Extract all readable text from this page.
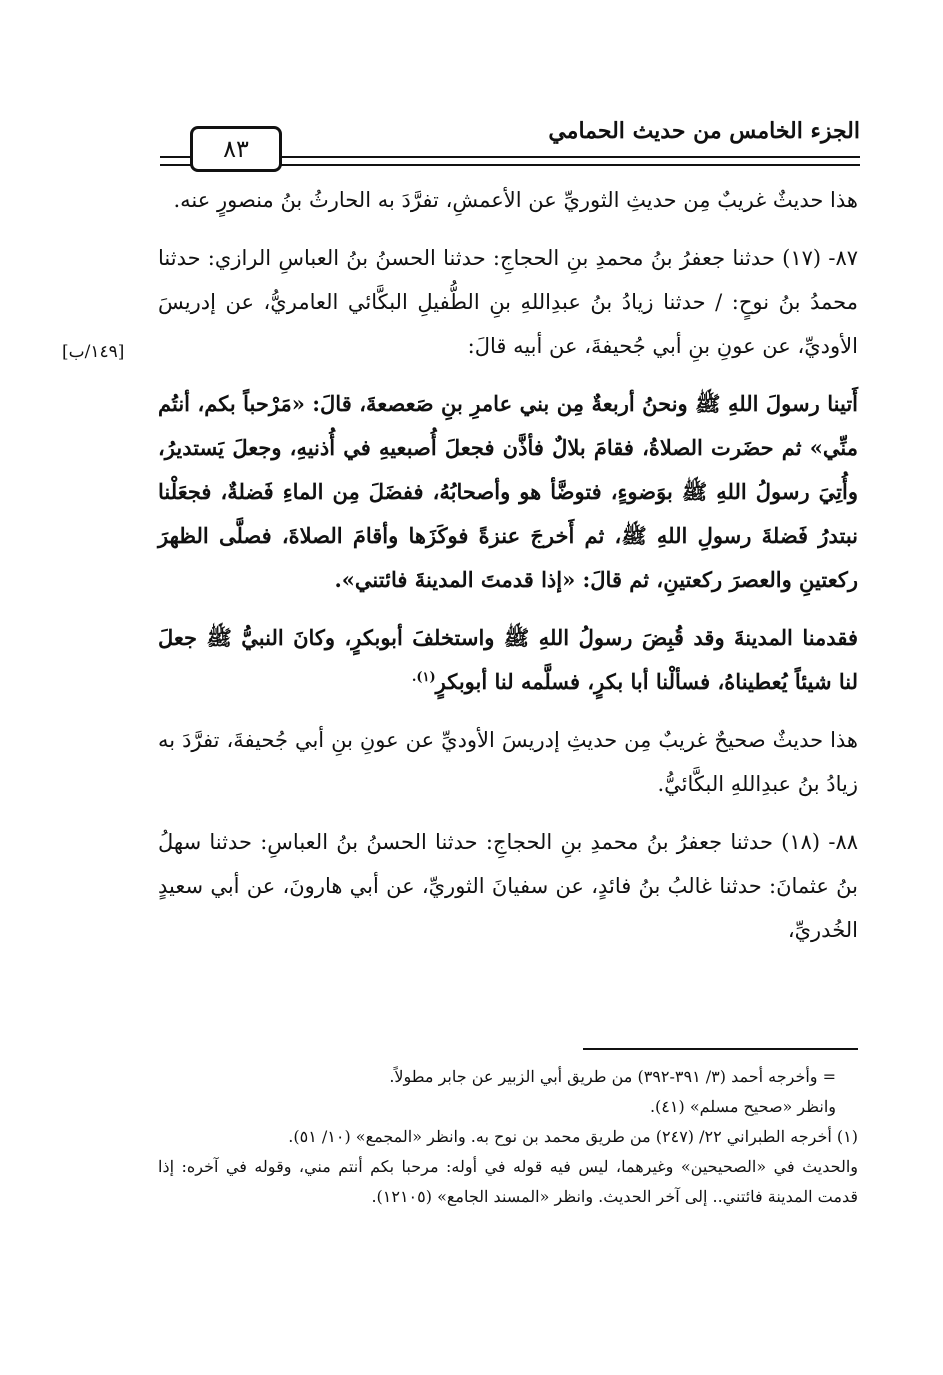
الجزء الخامس من حديث الحمامي
٨٣
[١٤٩/ب]

هذا حديثٌ غريبٌ مِن حديثِ الثوريِّ عن الأعمشِ، تفرَّدَ به الحارثُ بنُ منصورٍ عنه.

٨٧- (١٧) حدثنا جعفرُ بنُ محمدِ بنِ الحجاجِ: حدثنا الحسنُ بنُ العباسِ الرازي: حدثنا محمدُ بنُ نوحٍ: / حدثنا زيادُ بنُ عبدِاللهِ بنِ الطُّفيلِ البكَّائي العامريُّ، عن إدريسَ الأوديِّ، عن عونِ بنِ أبي جُحيفةَ، عن أبيه قالَ:

أَتينا رسولَ اللهِ ﷺ ونحنُ أربعةٌ مِن بني عامرِ بنِ صَعصعةَ، قالَ: «مَرْحباً بكم، أنتُم منِّي» ثم حضَرت الصلاةُ، فقامَ بلالٌ فأذَّن فجعلَ أُصبعيهِ في أُذنيهِ، وجعلَ يَستديرُ، وأُتِيَ رسولُ اللهِ ﷺ بوَضوءٍ، فتوضَّأ هو وأصحابُهُ، ففضَلَ مِن الماءِ فَضلةٌ، فجعَلْنا نبتدرُ فَضلةَ رسولِ اللهِ ﷺ، ثم أَخرجَ عنزةً فوكَزَها وأقامَ الصلاةَ، فصلَّى الظهرَ ركعتينِ والعصرَ ركعتينِ، ثم قالَ: «إذا قدمتَ المدينةَ فائتني».

فقدمنا المدينةَ وقد قُبِضَ رسولُ اللهِ ﷺ واستخلفَ أبوبكرٍ، وكانَ النبيُّ ﷺ جعلَ لنا شيئاً يُعطيناهُ، فسألْنا أبا بكرٍ، فسلَّمه لنا أبوبكرٍ$^{(١).}$

هذا حديثٌ صحيحٌ غريبٌ مِن حديثِ إدريسَ الأوديِّ عن عونِ بنِ أبي جُحيفةَ، تفرَّدَ به زيادُ بنُ عبدِاللهِ البكَّائيُّ.

٨٨- (١٨) حدثنا جعفرُ بنُ محمدِ بنِ الحجاجِ: حدثنا الحسنُ بنُ العباسِ: حدثنا سهلُ بنُ عثمانَ: حدثنا غالبُ بنُ فائدٍ، عن سفيانَ الثوريِّ، عن أبي هارونَ، عن أبي سعيدٍ الخُدريِّ،

= وأخرجه أحمد (٣/ ٣٩١-٣٩٢) من طريق أبي الزبير عن جابر مطولاً.

وانظر «صحيح مسلم» (٤١).

(١) أخرجه الطبراني ٢٢/ (٢٤٧) من طريق محمد بن نوح به. وانظر «المجمع» (١٠/ ٥١).

والحديث في «الصحيحين» وغيرهما، ليس فيه قوله في أوله: مرحبا بكم أنتم مني، وقوله في آخره: إذا قدمت المدينة فائتني.. إلى آخر الحديث. وانظر «المسند الجامع» (١٢١٠٥).
